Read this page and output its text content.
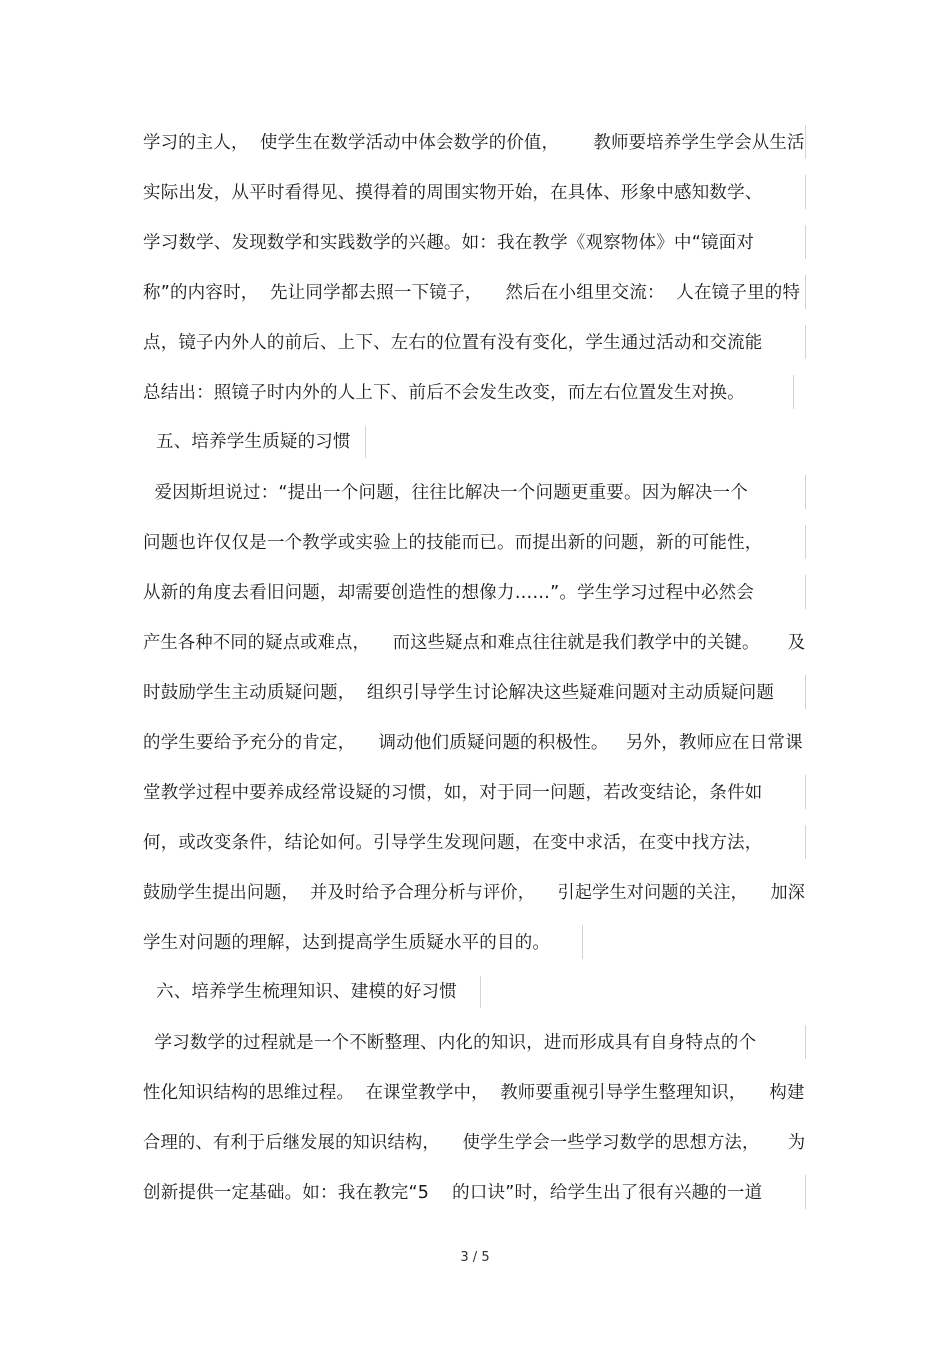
学习的主人，  使学生在数学活动中体会数学的价值，      教师要培养学生学会从生活
实际出发，从平时看得见、摸得着的周围实物开始，在具体、形象中感知数学、
学习数学、发现数学和实践数学的兴趣。如：我在教学《观察物体》中“镜面对
称”的内容时，  先让同学都去照一下镜子，    然后在小组里交流：  人在镜子里的特
点，镜子内外人的前后、上下、左右的位置有没有变化，学生通过活动和交流能
总结出：照镜子时内外的人上下、前后不会发生改变，而左右位置发生对换。
五、培养学生质疑的习惯
爱因斯坦说过：“提出一个问题，往往比解决一个问题更重要。因为解决一个
问题也许仅仅是一个教学或实验上的技能而已。而提出新的问题，新的可能性，
从新的角度去看旧问题，却需要创造性的想像力……”。学生学习过程中必然会
产生各种不同的疑点或难点，    而这些疑点和难点往往就是我们教学中的关键。     及
时鼓励学生主动质疑问题，  组织引导学生讨论解决这些疑难问题对主动质疑问题
的学生要给予充分的肯定，    调动他们质疑问题的积极性。   另外，教师应在日常课
堂教学过程中要养成经常设疑的习惯，如，对于同一问题，若改变结论，条件如
何，或改变条件，结论如何。引导学生发现问题，在变中求活，在变中找方法，
鼓励学生提出问题，  并及时给予合理分析与评价，    引起学生对问题的关注，    加深
学生对问题的理解，达到提高学生质疑水平的目的。
六、培养学生梳理知识、建模的好习惯
学习数学的过程就是一个不断整理、内化的知识，进而形成具有自身特点的个
性化知识结构的思维过程。  在课堂教学中，  教师要重视引导学生整理知识，    构建
合理的、有利于后继发展的知识结构，    使学生学会一些学习数学的思想方法，     为
创新提供一定基础。如：我在教完“5    的口诀”时，给学生出了很有兴趣的一道
3 / 5
